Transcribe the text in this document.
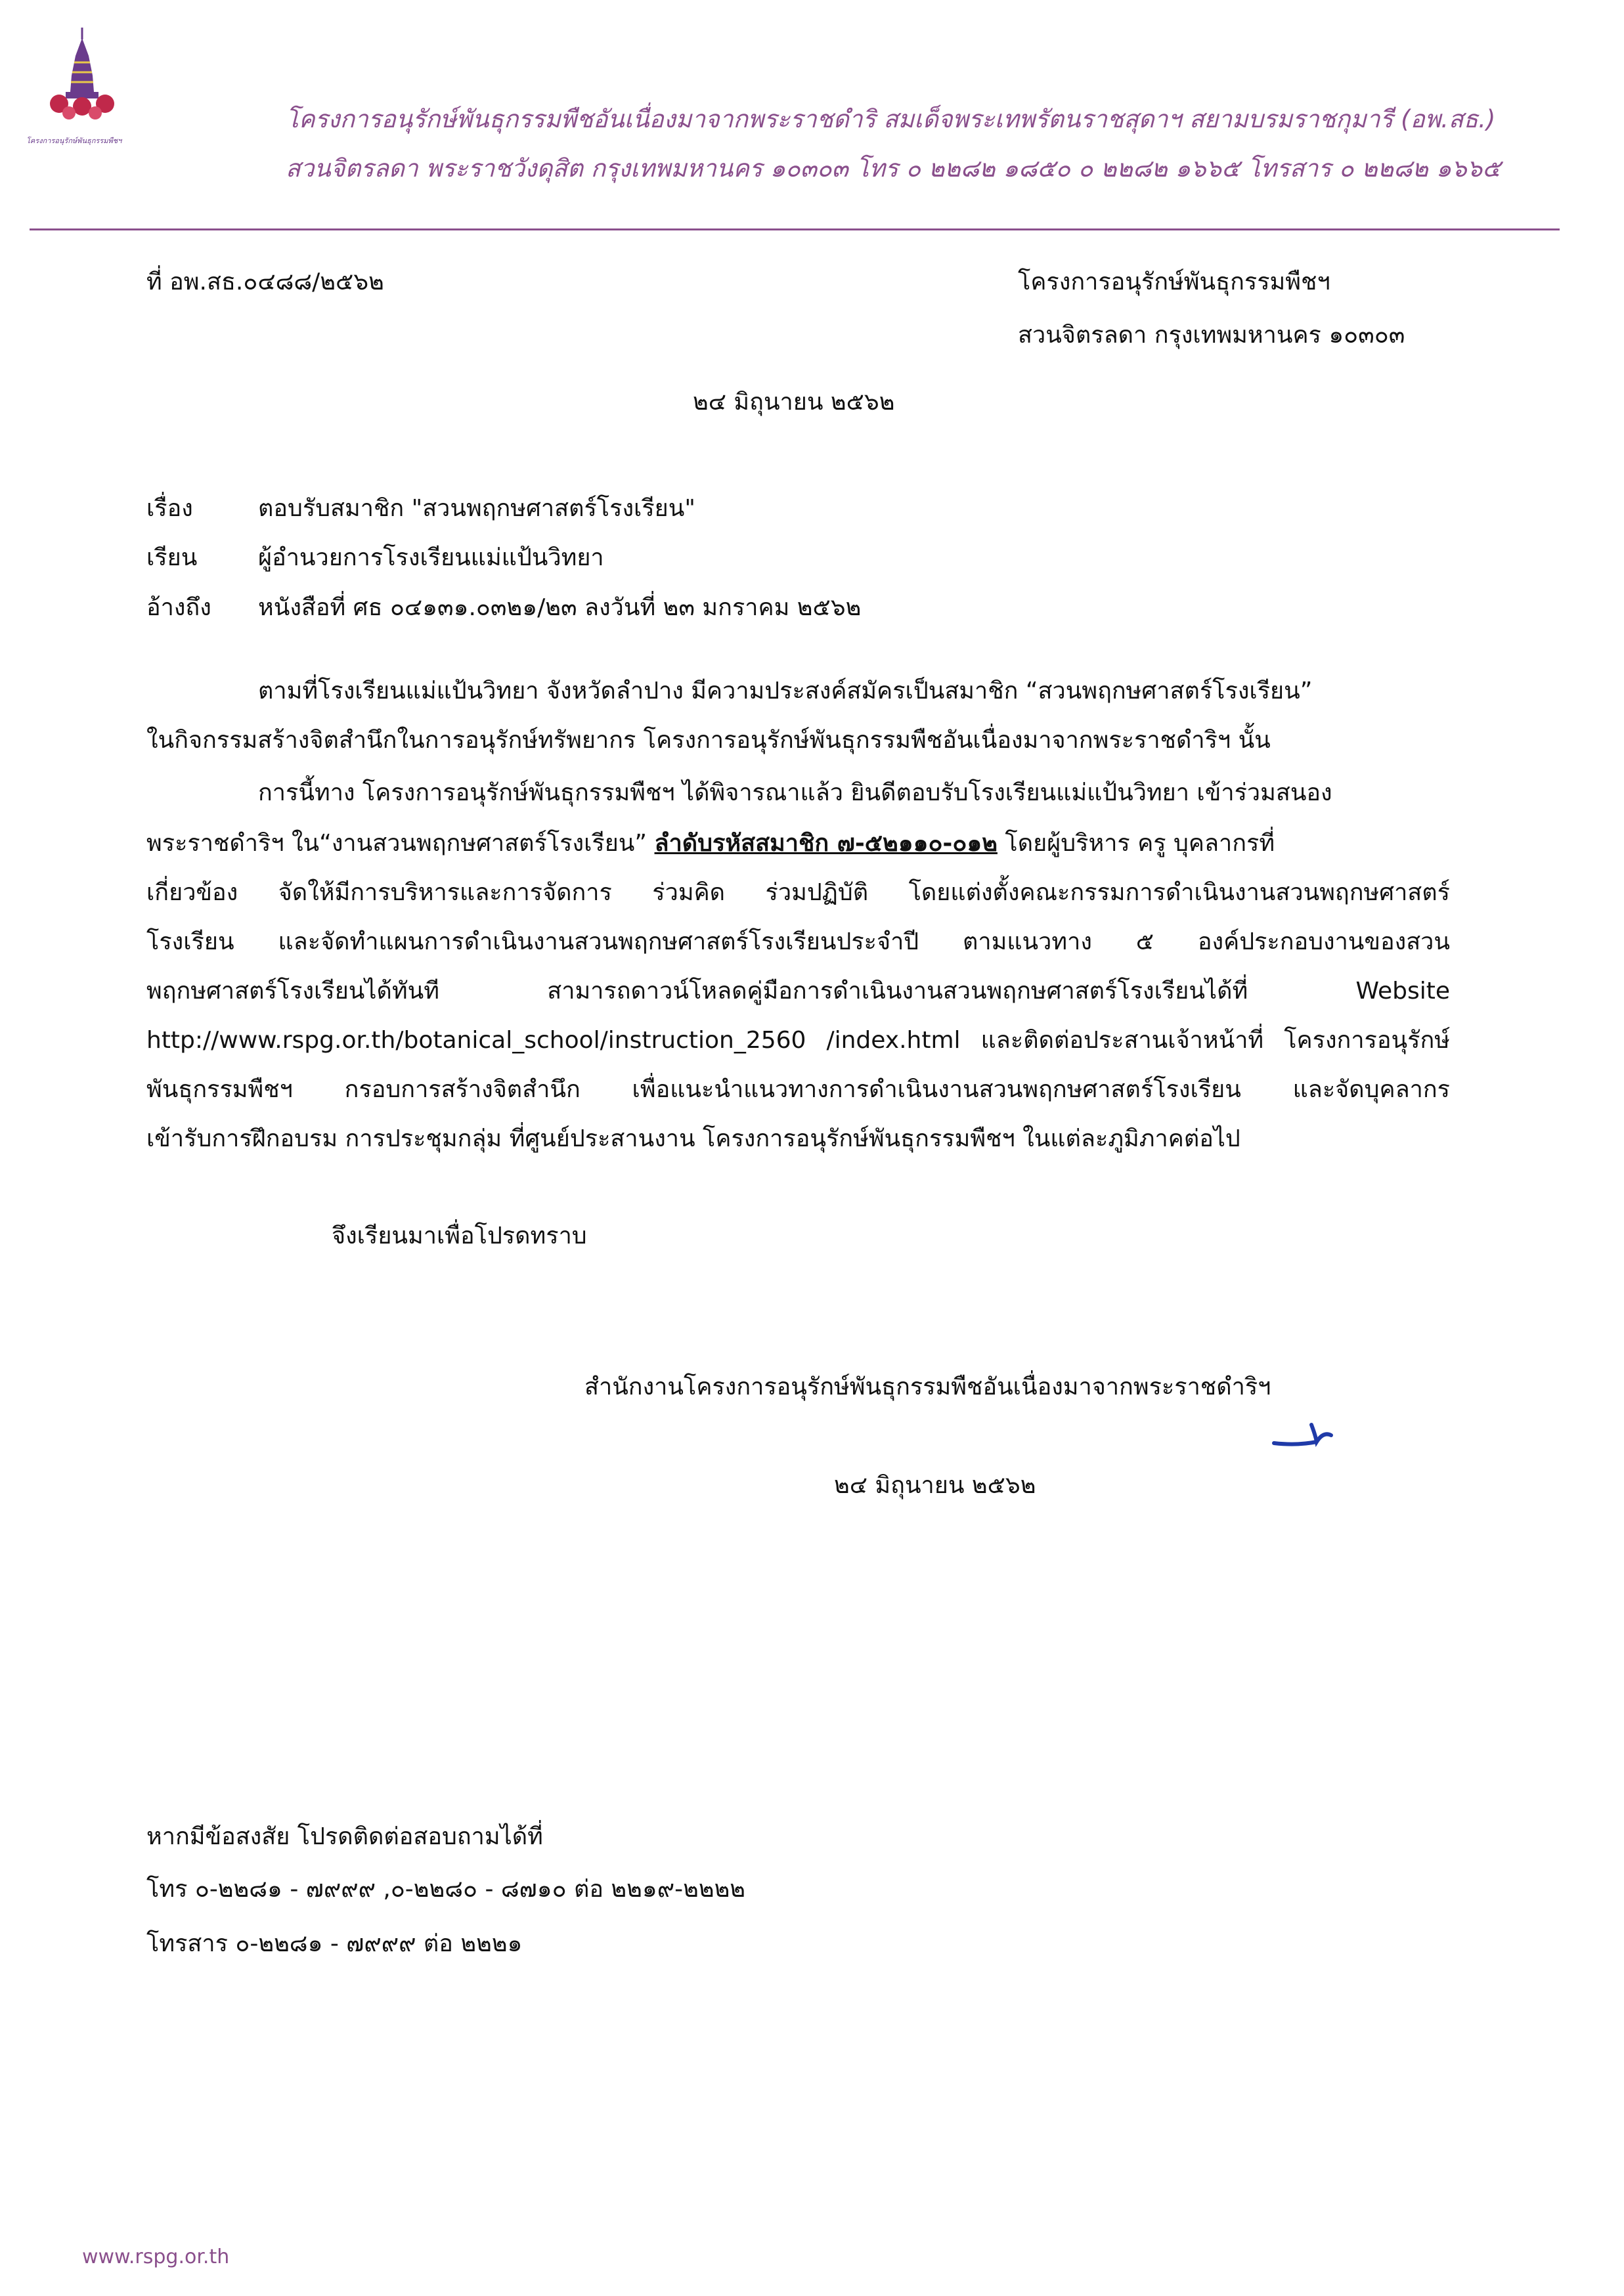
โครงการอนุรักษ์พันธุกรรมพืชฯ
โครงการอนุรักษ์พันธุกรรมพืชอันเนื่องมาจากพระราชดำริ สมเด็จพระเทพรัตนราชสุดาฯ สยามบรมราชกุมารี (อพ.สธ.)
สวนจิตรลดา พระราชวังดุสิต กรุงเทพมหานคร ๑๐๓๐๓ โทร ๐ ๒๒๘๒ ๑๘๕๐ ๐ ๒๒๘๒ ๑๖๖๕ โทรสาร ๐ ๒๒๘๒ ๑๖๖๕
ที่ อพ.สธ.๐๔๘๘/๒๕๖๒	โครงการอนุรักษ์พันธุกรรมพืชฯ
สวนจิตรลดา กรุงเทพมหานคร ๑๐๓๐๓
๒๔ มิถุนายน ๒๕๖๒
เรื่อง	ตอบรับสมาชิก "สวนพฤกษศาสตร์โรงเรียน"
เรียน	ผู้อำนวยการโรงเรียนแม่แป้นวิทยา
อ้างถึง หนังสือที่ ศธ ๐๔๑๓๑.๐๓๒๑/๒๓ ลงวันที่ ๒๓ มกราคม ๒๕๖๒
ตามที่โรงเรียนแม่แป้นวิทยา จังหวัดลำปาง มีความประสงค์สมัครเป็นสมาชิก “สวนพฤกษศาสตร์โรงเรียน”
ในกิจกรรมสร้างจิตสำนึกในการอนุรักษ์ทรัพยากร โครงการอนุรักษ์พันธุกรรมพืชอันเนื่องมาจากพระราชดำริฯ นั้น
การนี้ทาง โครงการอนุรักษ์พันธุกรรมพืชฯ ได้พิจารณาแล้ว ยินดีตอบรับโรงเรียนแม่แป้นวิทยา เข้าร่วมสนอง
พระราชดำริฯ ใน“งานสวนพฤกษศาสตร์โรงเรียน” ลำดับรหัสสมาชิก ๗-๕๒๑๑๐-๐๑๒ โดยผู้บริหาร ครู บุคลากรที่
เกี่ยวข้อง จัดให้มีการบริหารและการจัดการ ร่วมคิด ร่วมปฏิบัติ โดยแต่งตั้งคณะกรรมการดำเนินงานสวนพฤกษศาสตร์
โรงเรียน และจัดทำแผนการดำเนินงานสวนพฤกษศาสตร์โรงเรียนประจำปี ตามแนวทาง ๕ องค์ประกอบงานของสวน
พฤกษศาสตร์โรงเรียนได้ทันที สามารถดาวน์โหลดคู่มือการดำเนินงานสวนพฤกษศาสตร์โรงเรียนได้ที่ Website
http://www.rspg.or.th/botanical_school/instruction_2560 /index.html และติดต่อประสานเจ้าหน้าที่ โครงการอนุรักษ์
พันธุกรรมพืชฯ กรอบการสร้างจิตสำนึก เพื่อแนะนำแนวทางการดำเนินงานสวนพฤกษศาสตร์โรงเรียน และจัดบุคลากร
เข้ารับการฝึกอบรม การประชุมกลุ่ม ที่ศูนย์ประสานงาน โครงการอนุรักษ์พันธุกรรมพืชฯ ในแต่ละภูมิภาคต่อไป
จึงเรียนมาเพื่อโปรดทราบ
สำนักงานโครงการอนุรักษ์พันธุกรรมพืชอันเนื่องมาจากพระราชดำริฯ
๒๔ มิถุนายน ๒๕๖๒
หากมีข้อสงสัย โปรดติดต่อสอบถามได้ที่
โทร ๐-๒๒๘๑ - ๗๙๙๙ ,๐-๒๒๘๐ - ๘๗๑๐ ต่อ ๒๒๑๙-๒๒๒๒
โทรสาร ๐-๒๒๘๑ - ๗๙๙๙ ต่อ ๒๒๒๑
www.rspg.or.th
